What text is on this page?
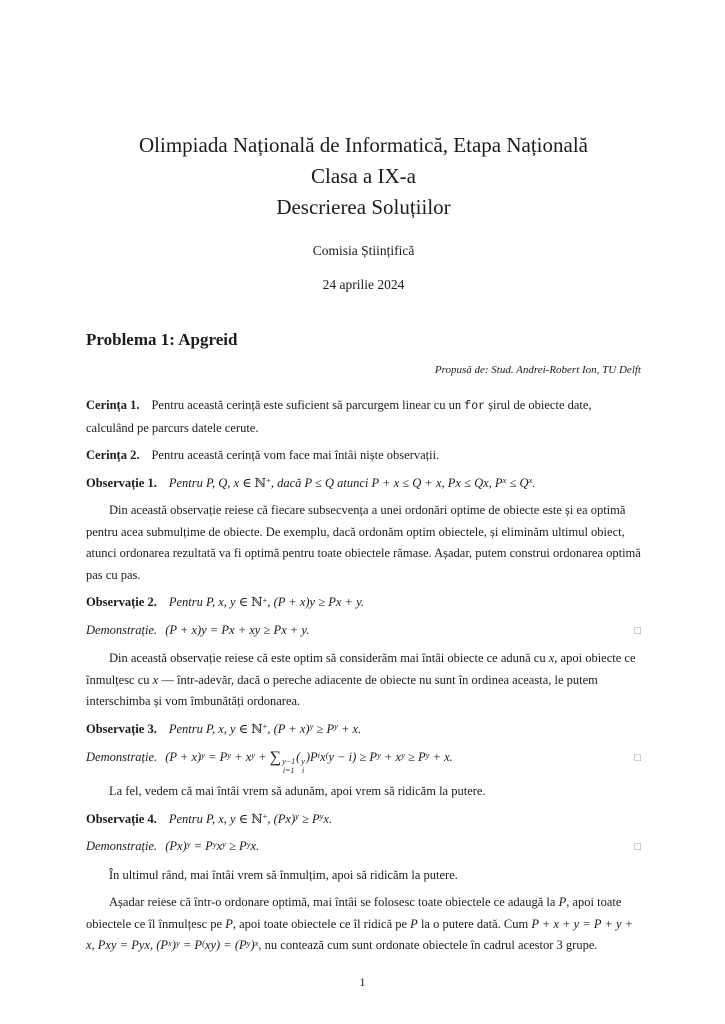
Olimpiada Națională de Informatică, Etapa Națională
Clasa a IX-a
Descrierea Soluțiilor
Comisia Științifică
24 aprilie 2024
Problema 1: Apgreid
Propusă de: Stud. Andrei-Robert Ion, TU Delft
Cerința 1. Pentru această cerință este suficient să parcurgem linear cu un for șirul de obiecte date, calculând pe parcurs datele cerute.
Cerința 2. Pentru această cerință vom face mai întâi niște observații.
Observație 1. Pentru P, Q, x ∈ ℕ+, dacă P ≤ Q atunci P + x ≤ Q + x, Px ≤ Qx, $P^x \le Q^x$.
Din această observație reiese că fiecare subsecvența a unei ordonări optime de obiecte este și ea optimă pentru acea submulțime de obiecte. De exemplu, dacă ordonăm optim obiectele, și eliminăm ultimul obiect, atunci ordonarea rezultată va fi optimă pentru toate obiectele rămase. Așadar, putem construi ordonarea optimă pas cu pas.
Observație 2. Pentru P, x, y ∈ ℕ+, (P + x)y ≥ Px + y.
Demonstrație. (P + x)y = Px + xy ≥ Px + y.	□
Din această observație reiese că este optim să considerăm mai întâi obiecte ce adună cu x, apoi obiecte ce înmulțesc cu x — într-adevăr, dacă o pereche adiacente de obiecte nu sunt în ordinea aceasta, le putem interschimba și vom îmbunătăți ordonarea.
Observație 3. Pentru P, x, y ∈ ℕ+, $(P + x)^y \ge P^y + x$.
Demonstrație. $(P + x)^y = P^y + x^y$ + ∑ y−1
i=1
( y
i
)$P^ix^(y - i) \ge P^y + x^y \ge P^y + x$.	□
La fel, vedem că mai întâi vrem să adunăm, apoi vrem să ridicăm la putere.
Observație 4. Pentru P, x, y ∈ ℕ+, $(Px)^y \ge P^yx$.
Demonstrație. $(Px)^y = P^yx^y \ge P^yx$.	□
În ultimul rând, mai întâi vrem să înmulțim, apoi să ridicăm la putere.
Așadar reiese că într-o ordonare optimă, mai întâi se folosesc toate obiectele ce adaugă la P, apoi toate obiectele ce îl înmulțesc pe P, apoi toate obiectele ce îl ridică pe P la o putere dată. Cum P + x + y = P + y + x, Pxy = Pyx, $(P^x)^y = P^(xy) = (P^y)^x$, nu contează cum sunt ordonate obiectele în cadrul acestor 3 grupe.
1
